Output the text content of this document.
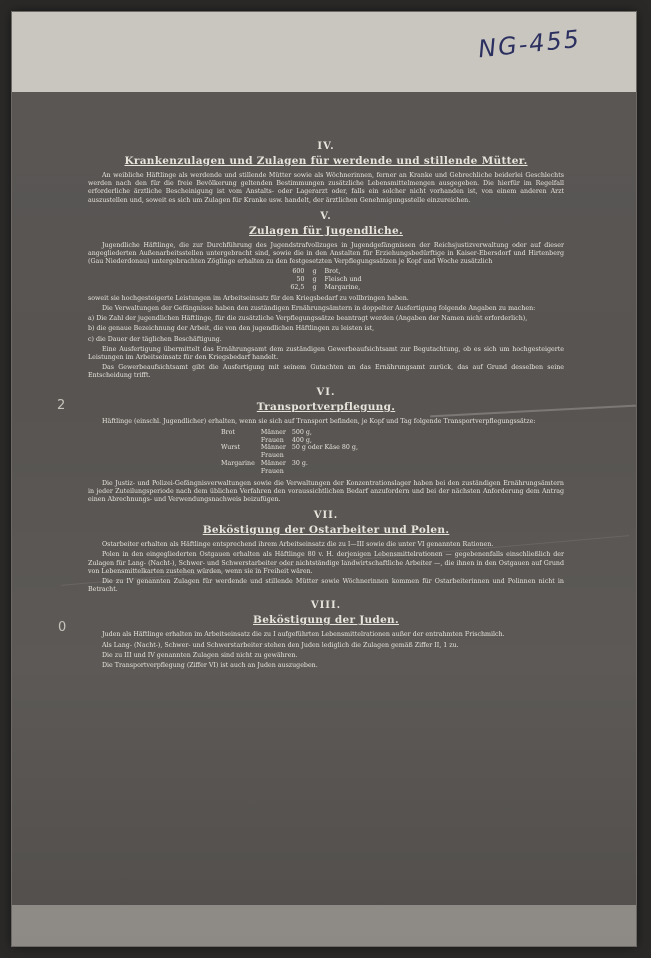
NG-455
2
0
IV.
Krankenzulagen und Zulagen für werdende und stillende Mütter.

An weibliche Häftlinge als werdende und stillende Mütter sowie als Wöchnerinnen, ferner an Kranke und Gebrechliche beiderlei Geschlechts werden nach den für die freie Bevölkerung geltenden Bestimmungen zusätzliche Lebensmittelmengen ausgegeben. Die hierfür im Regelfall erforderliche ärztliche Bescheinigung ist vom Anstalts- oder Lagerarzt oder, falls ein solcher nicht vorhanden ist, von einem anderen Arzt auszustellen und, soweit es sich um Zulagen für Kranke usw. handelt, der ärztlichen Genehmigungsstelle einzureichen.

V.
Zulagen für Jugendliche.

Jugendliche Häftlinge, die zur Durchführung des Jugendstrafvollzuges in Jugendgefängnissen der Reichsjustizverwaltung oder auf dieser angegliederten Außenarbeitsstellen untergebracht sind, sowie die in den Anstalten für Erziehungsbedürftige in Kaiser-Ebersdorf und Hirtenberg (Gau Niederdonau) untergebrachten Zöglinge erhalten zu den festgesetzten Verpflegungssätzen je Kopf und Woche zusätzlich

600	g	Brot,
50	g	Fleisch und
62,5	g	Margarine,

soweit sie hochgesteigerte Leistungen im Arbeitseinsatz für den Kriegsbedarf zu vollbringen haben.

Die Verwaltungen der Gefängnisse haben den zuständigen Ernährungsämtern in doppelter Ausfertigung folgende Angaben zu machen:

a) Die Zahl der jugendlichen Häftlinge, für die zusätzliche Verpflegungssätze beantragt werden (Angaben der Namen nicht erforderlich),

b) die genaue Bezeichnung der Arbeit, die von den jugendlichen Häftlingen zu leisten ist,

c) die Dauer der täglichen Beschäftigung.

Eine Ausfertigung übermittelt das Ernährungsamt dem zuständigen Gewerbeaufsichtsamt zur Begutachtung, ob es sich um hochgesteigerte Leistungen im Arbeitseinsatz für den Kriegsbedarf handelt.

Das Gewerbeaufsichtsamt gibt die Ausfertigung mit seinem Gutachten an das Ernährungsamt zurück, das auf Grund desselben seine Entscheidung trifft.

VI.
Transportverpflegung.

Häftlinge (einschl. Jugendlicher) erhalten, wenn sie sich auf Transport befinden, je Kopf und Tag folgende Transportverpflegungssätze:

Brot	Männer	500 g,
	Frauen	400 g,
Wurst	Männer	50 g oder Käse 80 g,
	Frauen	
Margarine	Männer	30 g.
	Frauen	

Die Justiz- und Polizei-Gefängnisverwaltungen sowie die Verwaltungen der Konzentrationslager haben bei den zuständigen Ernährungsämtern in jeder Zuteilungsperiode nach dem üblichen Verfahren den voraussichtlichen Bedarf anzufordern und bei der nächsten Anforderung dem Antrag einen Abrechnungs- und Verwendungsnachweis beizufügen.

VII.
Beköstigung der Ostarbeiter und Polen.

Ostarbeiter erhalten als Häftlinge entsprechend ihrem Arbeitseinsatz die zu I—III sowie die unter VI genannten Rationen.

Polen in den eingegliederten Ostgauen erhalten als Häftlinge 80 v. H. derjenigen Lebensmittelrationen — gegebenenfalls einschließlich der Zulagen für Lang- (Nacht-), Schwer- und Schwerstarbeiter oder nichtständige landwirtschaftliche Arbeiter —, die ihnen in den Ostgauen auf Grund von Lebensmittelkarten zustehen würden, wenn sie in Freiheit wären.

Die zu IV genannten Zulagen für werdende und stillende Mütter sowie Wöchnerinnen kommen für Ostarbeiterinnen und Polinnen nicht in Betracht.

VIII.
Beköstigung der Juden.

Juden als Häftlinge erhalten im Arbeitseinsatz die zu I aufgeführten Lebensmittelrationen außer der entrahmten Frischmilch.

Als Lang- (Nacht-), Schwer- und Schwerstarbeiter stehen den Juden lediglich die Zulagen gemäß Ziffer II, 1 zu.

Die zu III und IV genannten Zulagen sind nicht zu gewähren.

Die Transportverpflegung (Ziffer VI) ist auch an Juden auszugeben.
